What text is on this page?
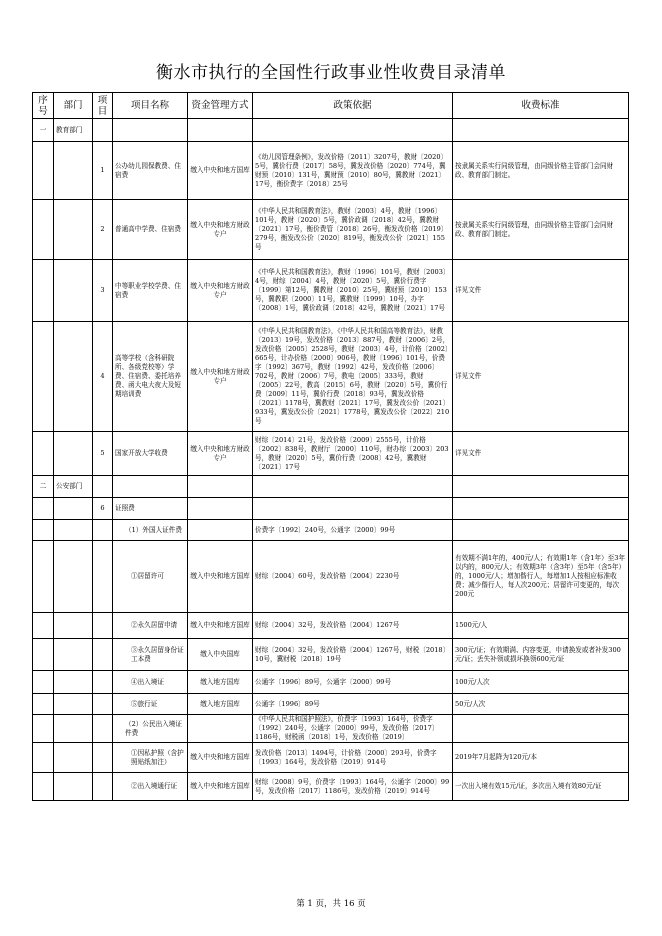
衡水市执行的全国性行政事业性收费目录清单
序号	部门	项目	项目名称	资金管理方式	政策依据	收费标准
一	教育部门					
		1	公办幼儿园保教费、住宿费	缴入中央和地方国库	《幼儿园管理条例》，发改价格〔2011〕3207号，教财〔2020〕5号，冀价行费〔2017〕58号，冀发改价格〔2020〕774号，冀财预〔2010〕131号，冀财预〔2010〕80号，冀教财〔2021〕17号，衡价费字〔2018〕25号	按隶属关系实行同级管理，由同级价格主管部门会同财政、教育部门制定。
		2	普通高中学费、住宿费	缴入中央和地方财政专户	《中华人民共和国教育法》，教财〔2003〕4号，教财〔1996〕101号，教财〔2020〕5号，冀价政调〔2018〕42号，冀教财〔2021〕17号，衡价费管〔2018〕26号，衡发改价格〔2019〕279号，衡发改公价〔2020〕819号，衡发改公价〔2021〕155号	按隶属关系实行同级管理，由同级价格主管部门会同财政、教育部门制定。
		3	中等职业学校学费、住宿费	缴入中央和地方财政专户	《中华人民共和国教育法》，教财〔1996〕101号，教财〔2003〕4号，财综〔2004〕4号，教财〔2020〕5号，冀价行费字〔1999〕第12号，冀教财〔2010〕25号，冀财预〔2010〕153号，冀教职〔2000〕11号，冀教财〔1999〕10号，办字〔2008〕1号，冀价政调〔2018〕42号，冀教财〔2021〕17号	详见文件
		4	高等学校（含科研院所、各级党校等）学费、住宿费、委托培养费、函大电大夜大及短期培训费	缴入中央和地方财政专户	《中华人民共和国教育法》，《中华人民共和国高等教育法》，财教〔2013〕19号，发改价格〔2013〕887号，教财〔2006〕2号，发改价格〔2005〕2528号，教财〔2003〕4号，计价格〔2002〕665号，计办价格〔2000〕906号，教财〔1996〕101号，价费字〔1992〕367号，教财〔1992〕42号，发改价格〔2006〕702号，教财〔2006〕7号，教电〔2005〕333号，教财〔2005〕22号，教高〔2015〕6号，教财〔2020〕5号，冀价行费〔2009〕11号，冀价行费〔2018〕93号，冀发改价格〔2021〕1178号，冀教财〔2021〕17号，冀发改公价〔2021〕933号，冀发改公价〔2021〕1778号，冀发改公价〔2022〕210号	详见文件
		5	国家开放大学收费	缴入中央和地方财政专户	财综〔2014〕21号，发改价格〔2009〕2555号，计价格〔2002〕838号，教财厅〔2000〕110号，财办综〔2003〕203号，教财〔2020〕5号，冀价行费〔2008〕42号，冀教财〔2021〕17号	详见文件
二	公安部门					
		6	证照费			
			（1）外国人证件费		价费字〔1992〕240号，公通字〔2000〕99号	
			①居留许可	缴入中央和地方国库	财综〔2004〕60号，发改价格〔2004〕2230号	有效期不满1年的，400元/人；有效期1年（含1年）至3年以内的，800元/人；有效期3年（含3年）至5年（含5年）的，1000元/人；增加偕行人，每增加1人按相应标准收费；减少偕行人，每人次200元；居留许可变更的，每次200元
			②永久居留申请	缴入中央和地方国库	财综〔2004〕32号，发改价格〔2004〕1267号	1500元/人
			③永久居留身份证工本费	缴入中央国库	财综〔2004〕32号，发改价格〔2004〕1267号，财税〔2018〕10号，冀财税〔2018〕19号	300元/证；有效期满、内容变更，申请换发或者补发300元/证；丢失补领或损坏换领600元/证
			④出入境证	缴入地方国库	公通字〔1996〕89号，公通字〔2000〕99号	100元/人次
			⑤旅行证	缴入地方国库	公通字〔1996〕89号	50元/人次
			（2）公民出入境证件费		《中华人民共和国护照法》，价费字〔1993〕164号，价费字〔1992〕240号，公通字〔2000〕99号，发改价格〔2017〕1186号，财税函〔2018〕1号，发改价格〔2019〕	
			①因私护照（含护照贴纸加注）	缴入中央和地方国库	发改价格〔2013〕1494号，计价格〔2000〕293号，价费字〔1993〕164号，发改价格〔2019〕914号	2019年7月起降为120元/本
			②出入境通行证	缴入中央和地方国库	财综〔2008〕9号，价费字〔1993〕164号，公通字〔2000〕99号，发改价格〔2017〕1186号，发改价格〔2019〕914号	一次出入境有效15元/证，多次出入境有效80元/证
第 1 页，共 16 页
